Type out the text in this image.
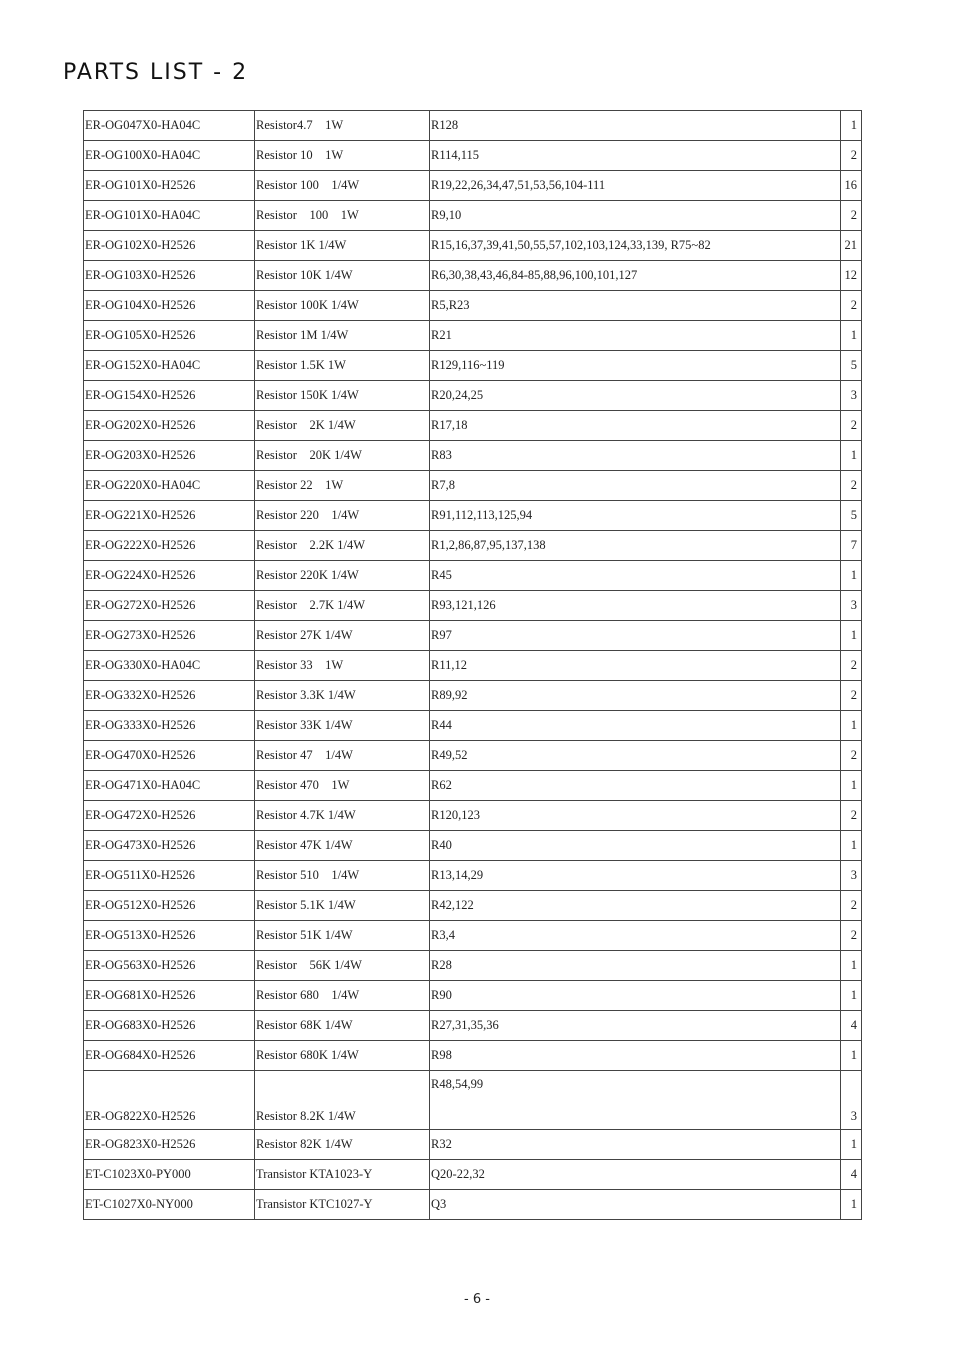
PARTS LIST - 2
ER-OG047X0-HA04C	Resistor4.7    1W	R128	1
ER-OG100X0-HA04C	Resistor 10    1W	R114,115	2
ER-OG101X0-H2526	Resistor 100    1/4W	R19,22,26,34,47,51,53,56,104-111	16
ER-OG101X0-HA04C	Resistor    100    1W	R9,10	2
ER-OG102X0-H2526	Resistor 1K 1/4W	R15,16,37,39,41,50,55,57,102,103,124,33,139, R75~82	21
ER-OG103X0-H2526	Resistor 10K 1/4W	R6,30,38,43,46,84-85,88,96,100,101,127	12
ER-OG104X0-H2526	Resistor 100K 1/4W	R5,R23	2
ER-OG105X0-H2526	Resistor 1M 1/4W	R21	1
ER-OG152X0-HA04C	Resistor 1.5K 1W	R129,116~119	5
ER-OG154X0-H2526	Resistor 150K 1/4W	R20,24,25	3
ER-OG202X0-H2526	Resistor    2K 1/4W	R17,18	2
ER-OG203X0-H2526	Resistor    20K 1/4W	R83	1
ER-OG220X0-HA04C	Resistor 22    1W	R7,8	2
ER-OG221X0-H2526	Resistor 220    1/4W	R91,112,113,125,94	5
ER-OG222X0-H2526	Resistor    2.2K 1/4W	R1,2,86,87,95,137,138	7
ER-OG224X0-H2526	Resistor 220K 1/4W	R45	1
ER-OG272X0-H2526	Resistor    2.7K 1/4W	R93,121,126	3
ER-OG273X0-H2526	Resistor 27K 1/4W	R97	1
ER-OG330X0-HA04C	Resistor 33    1W	R11,12	2
ER-OG332X0-H2526	Resistor 3.3K 1/4W	R89,92	2
ER-OG333X0-H2526	Resistor 33K 1/4W	R44	1
ER-OG470X0-H2526	Resistor 47    1/4W	R49,52	2
ER-OG471X0-HA04C	Resistor 470    1W	R62	1
ER-OG472X0-H2526	Resistor 4.7K 1/4W	R120,123	2
ER-OG473X0-H2526	Resistor 47K 1/4W	R40	1
ER-OG511X0-H2526	Resistor 510    1/4W	R13,14,29	3
ER-OG512X0-H2526	Resistor 5.1K 1/4W	R42,122	2
ER-OG513X0-H2526	Resistor 51K 1/4W	R3,4	2
ER-OG563X0-H2526	Resistor    56K 1/4W	R28	1
ER-OG681X0-H2526	Resistor 680    1/4W	R90	1
ER-OG683X0-H2526	Resistor 68K 1/4W	R27,31,35,36	4
ER-OG684X0-H2526	Resistor 680K 1/4W	R98	1
ER-OG822X0-H2526	Resistor 8.2K 1/4W	R48,54,99	3
ER-OG823X0-H2526	Resistor 82K 1/4W	R32	1
ET-C1023X0-PY000	Transistor KTA1023-Y	Q20-22,32	4
ET-C1027X0-NY000	Transistor KTC1027-Y	Q3	1
- 6 -
